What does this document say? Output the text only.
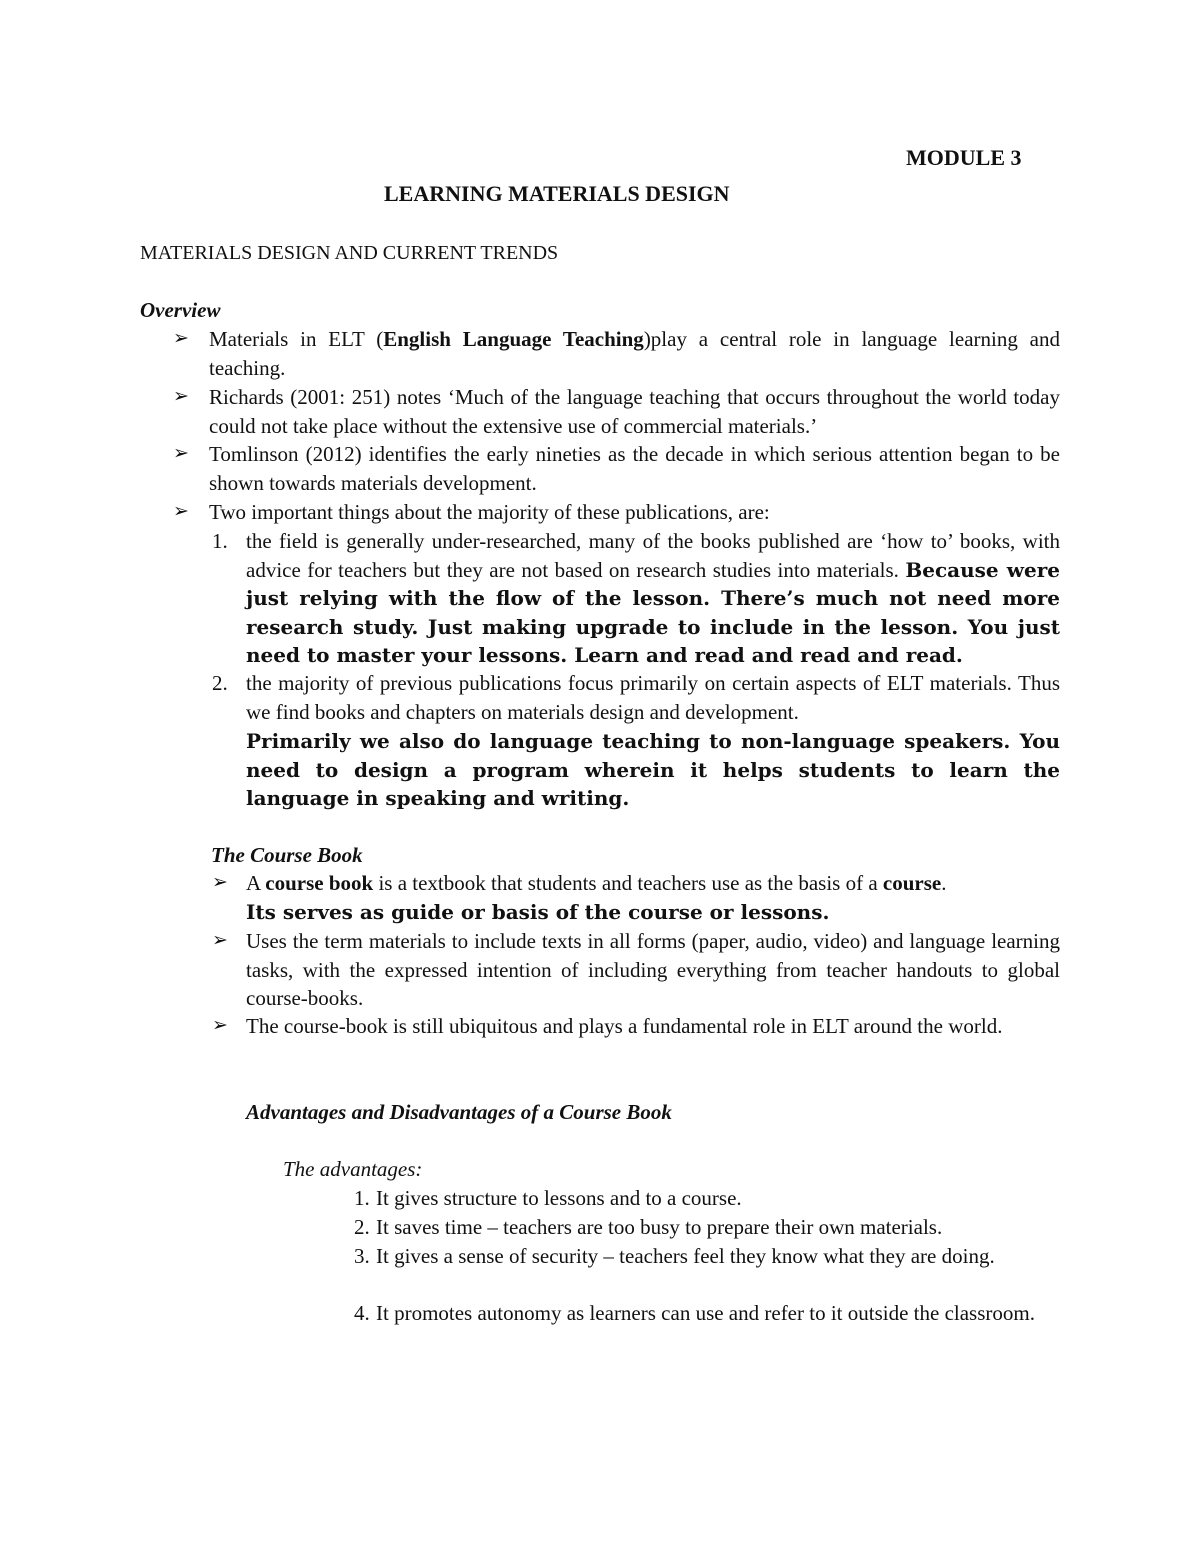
MODULE 3
LEARNING MATERIALS DESIGN
MATERIALS DESIGN AND CURRENT TRENDS
Overview
➢ Materials in ELT (English Language Teaching)play a central role in language learning and teaching.

➢ Richards (2001: 251) notes ‘Much of the language teaching that occurs throughout the world today could not take place without the extensive use of commercial materials.’

➢ Tomlinson (2012) identifies the early nineties as the decade in which serious attention began to be shown towards materials development.

➢ Two important things about the majority of these publications, are:

1. the field is generally under-researched, many of the books published are ‘how to’ books, with advice for teachers but they are not based on research studies into materials. Because were just relying with the flow of the lesson. There’s much not need more research study. Just making upgrade to include in the lesson. You just need to master your lessons. Learn and read and read and read.

2. the majority of previous publications focus primarily on certain aspects of ELT materials. Thus we find books and chapters on materials design and development.

Primarily we also do language teaching to non-language speakers. You need to design a program wherein it helps students to learn the language in speaking and writing.

The Course Book
➢ A course book is a textbook that students and teachers use as the basis of a course.
Its serves as guide or basis of the course or lessons.

➢ Uses the term materials to include texts in all forms (paper, audio, video) and language learning tasks, with the expressed intention of including everything from teacher handouts to global course-books.

➢ The course-book is still ubiquitous and plays a fundamental role in ELT around the world.

Advantages and Disadvantages of a Course Book
The advantages:
1. It gives structure to lessons and to a course.

2. It saves time – teachers are too busy to prepare their own materials.

3. It gives a sense of security – teachers feel they know what they are doing.

4. It promotes autonomy as learners can use and refer to it outside the classroom.
